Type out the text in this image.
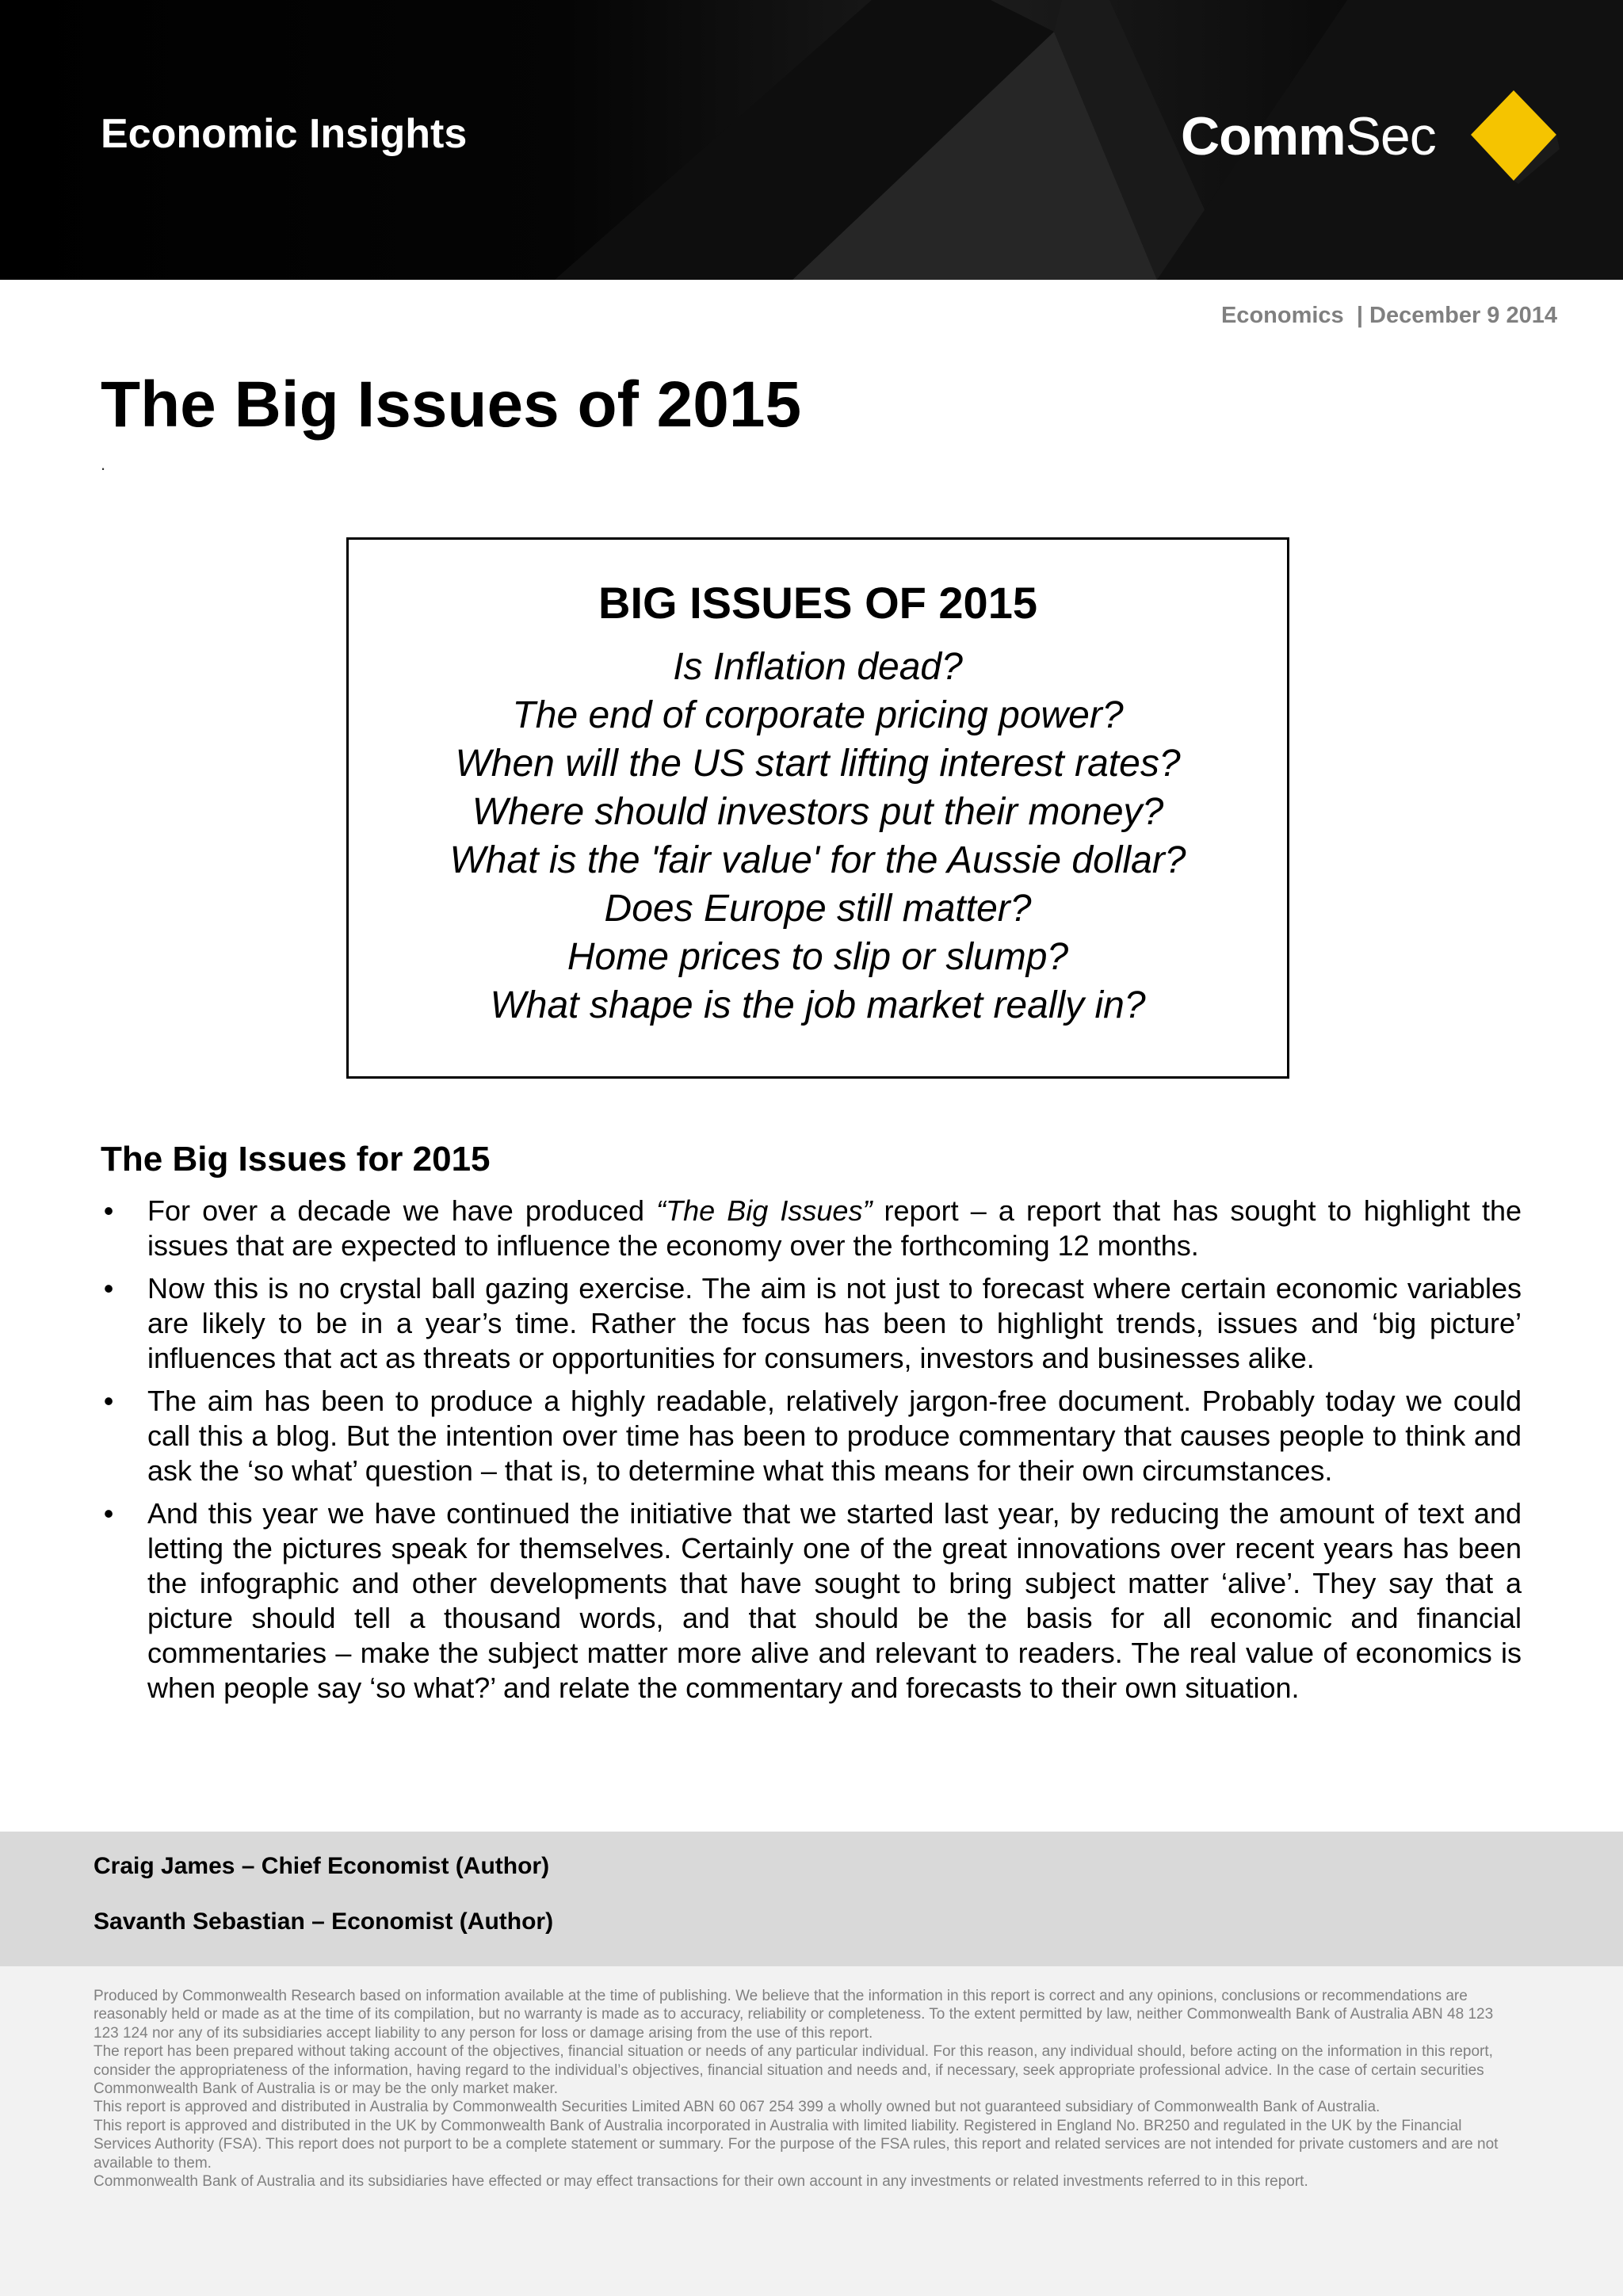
Economic Insights	CommSec
Economics | December 9 2014
The Big Issues of 2015
.
BIG ISSUES OF 2015
Is Inflation dead?
The end of corporate pricing power?
When will the US start lifting interest rates?
Where should investors put their money?
What is the 'fair value' for the Aussie dollar?
Does Europe still matter?
Home prices to slip or slump?
What shape is the job market really in?
The Big Issues for 2015
• For over a decade we have produced “The Big Issues” report – a report that has sought to highlight the issues that are expected to influence the economy over the forthcoming 12 months.
• Now this is no crystal ball gazing exercise. The aim is not just to forecast where certain economic variables are likely to be in a year’s time. Rather the focus has been to highlight trends, issues and ‘big picture’ influences that act as threats or opportunities for consumers, investors and businesses alike.
• The aim has been to produce a highly readable, relatively jargon-free document. Probably today we could call this a blog. But the intention over time has been to produce commentary that causes people to think and ask the ‘so what’ question – that is, to determine what this means for their own circumstances.
• And this year we have continued the initiative that we started last year, by reducing the amount of text and letting the pictures speak for themselves. Certainly one of the great innovations over recent years has been the infographic and other developments that have sought to bring subject matter ‘alive’. They say that a picture should tell a thousand words, and that should be the basis for all economic and financial commentaries – make the subject matter more alive and relevant to readers. The real value of economics is when people say ‘so what?’ and relate the commentary and forecasts to their own situation.
Craig James – Chief Economist (Author)
Savanth Sebastian – Economist (Author)

Produced by Commonwealth Research based on information available at the time of publishing. We believe that the information in this report is correct and any opinions, conclusions or recommendations are reasonably held or made as at the time of its compilation, but no warranty is made as to accuracy, reliability or completeness. To the extent permitted by law, neither Commonwealth Bank of Australia ABN 48 123 123 124 nor any of its subsidiaries accept liability to any person for loss or damage arising from the use of this report.

The report has been prepared without taking account of the objectives, financial situation or needs of any particular individual. For this reason, any individual should, before acting on the information in this report, consider the appropriateness of the information, having regard to the individual’s objectives, financial situation and needs and, if necessary, seek appropriate professional advice. In the case of certain securities Commonwealth Bank of Australia is or may be the only market maker.

This report is approved and distributed in Australia by Commonwealth Securities Limited ABN 60 067 254 399 a wholly owned but not guaranteed subsidiary of Commonwealth Bank of Australia.

This report is approved and distributed in the UK by Commonwealth Bank of Australia incorporated in Australia with limited liability. Registered in England No. BR250 and regulated in the UK by the Financial Services Authority (FSA). This report does not purport to be a complete statement or summary. For the purpose of the FSA rules, this report and related services are not intended for private customers and are not available to them.

Commonwealth Bank of Australia and its subsidiaries have effected or may effect transactions for their own account in any investments or related investments referred to in this report.
